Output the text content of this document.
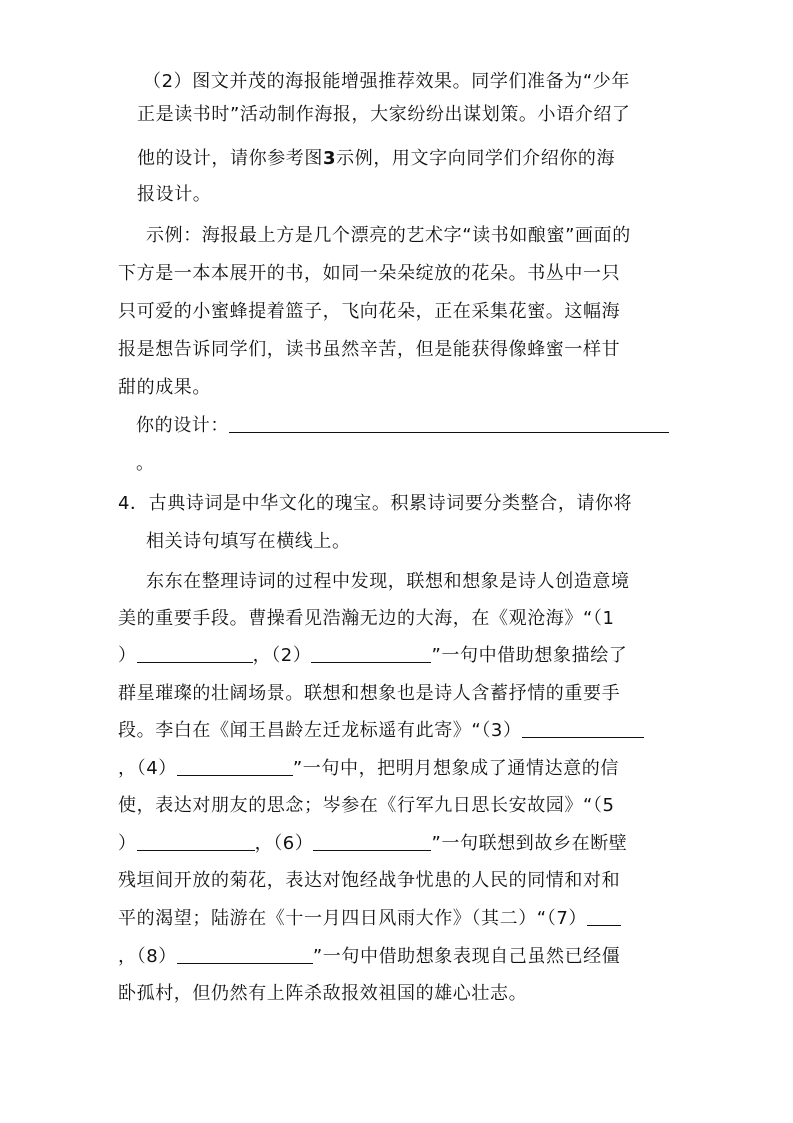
（2）图文并茂的海报能增强推荐效果。同学们准备为“少年
正是读书时”活动制作海报，大家纷纷出谋划策。小语介绍了
他的设计，请你参考图3示例，用文字向同学们介绍你的海
报设计。
示例：海报最上方是几个漂亮的艺术字“读书如酿蜜”画面的
下方是一本本展开的书，如同一朵朵绽放的花朵。书丛中一只
只可爱的小蜜蜂提着篮子，飞向花朵，正在采集花蜜。这幅海
报是想告诉同学们，读书虽然辛苦，但是能获得像蜂蜜一样甘
甜的成果。
你的设计：
。
4．古典诗词是中华文化的瑰宝。积累诗词要分类整合，请你将
相关诗句填写在横线上。
东东在整理诗词的过程中发现，联想和想象是诗人创造意境
美的重要手段。曹操看见浩瀚无边的大海，在《观沧海》“（1
）	，（2）	”一句中借助想象描绘了
群星璀璨的壮阔场景。联想和想象也是诗人含蓄抒情的重要手
段。李白在《闻王昌龄左迁龙标遥有此寄》“（3）
，（4）	”一句中，把明月想象成了通情达意的信
使，表达对朋友的思念；岑参在《行军九日思长安故园》“（5
）	，（6）	”一句联想到故乡在断壁
残垣间开放的菊花，表达对饱经战争忧患的人民的同情和对和
平的渴望；陆游在《十一月四日风雨大作》（其二）“（7）
，（8）	”一句中借助想象表现自己虽然已经僵
卧孤村，但仍然有上阵杀敌报效祖国的雄心壮志。
